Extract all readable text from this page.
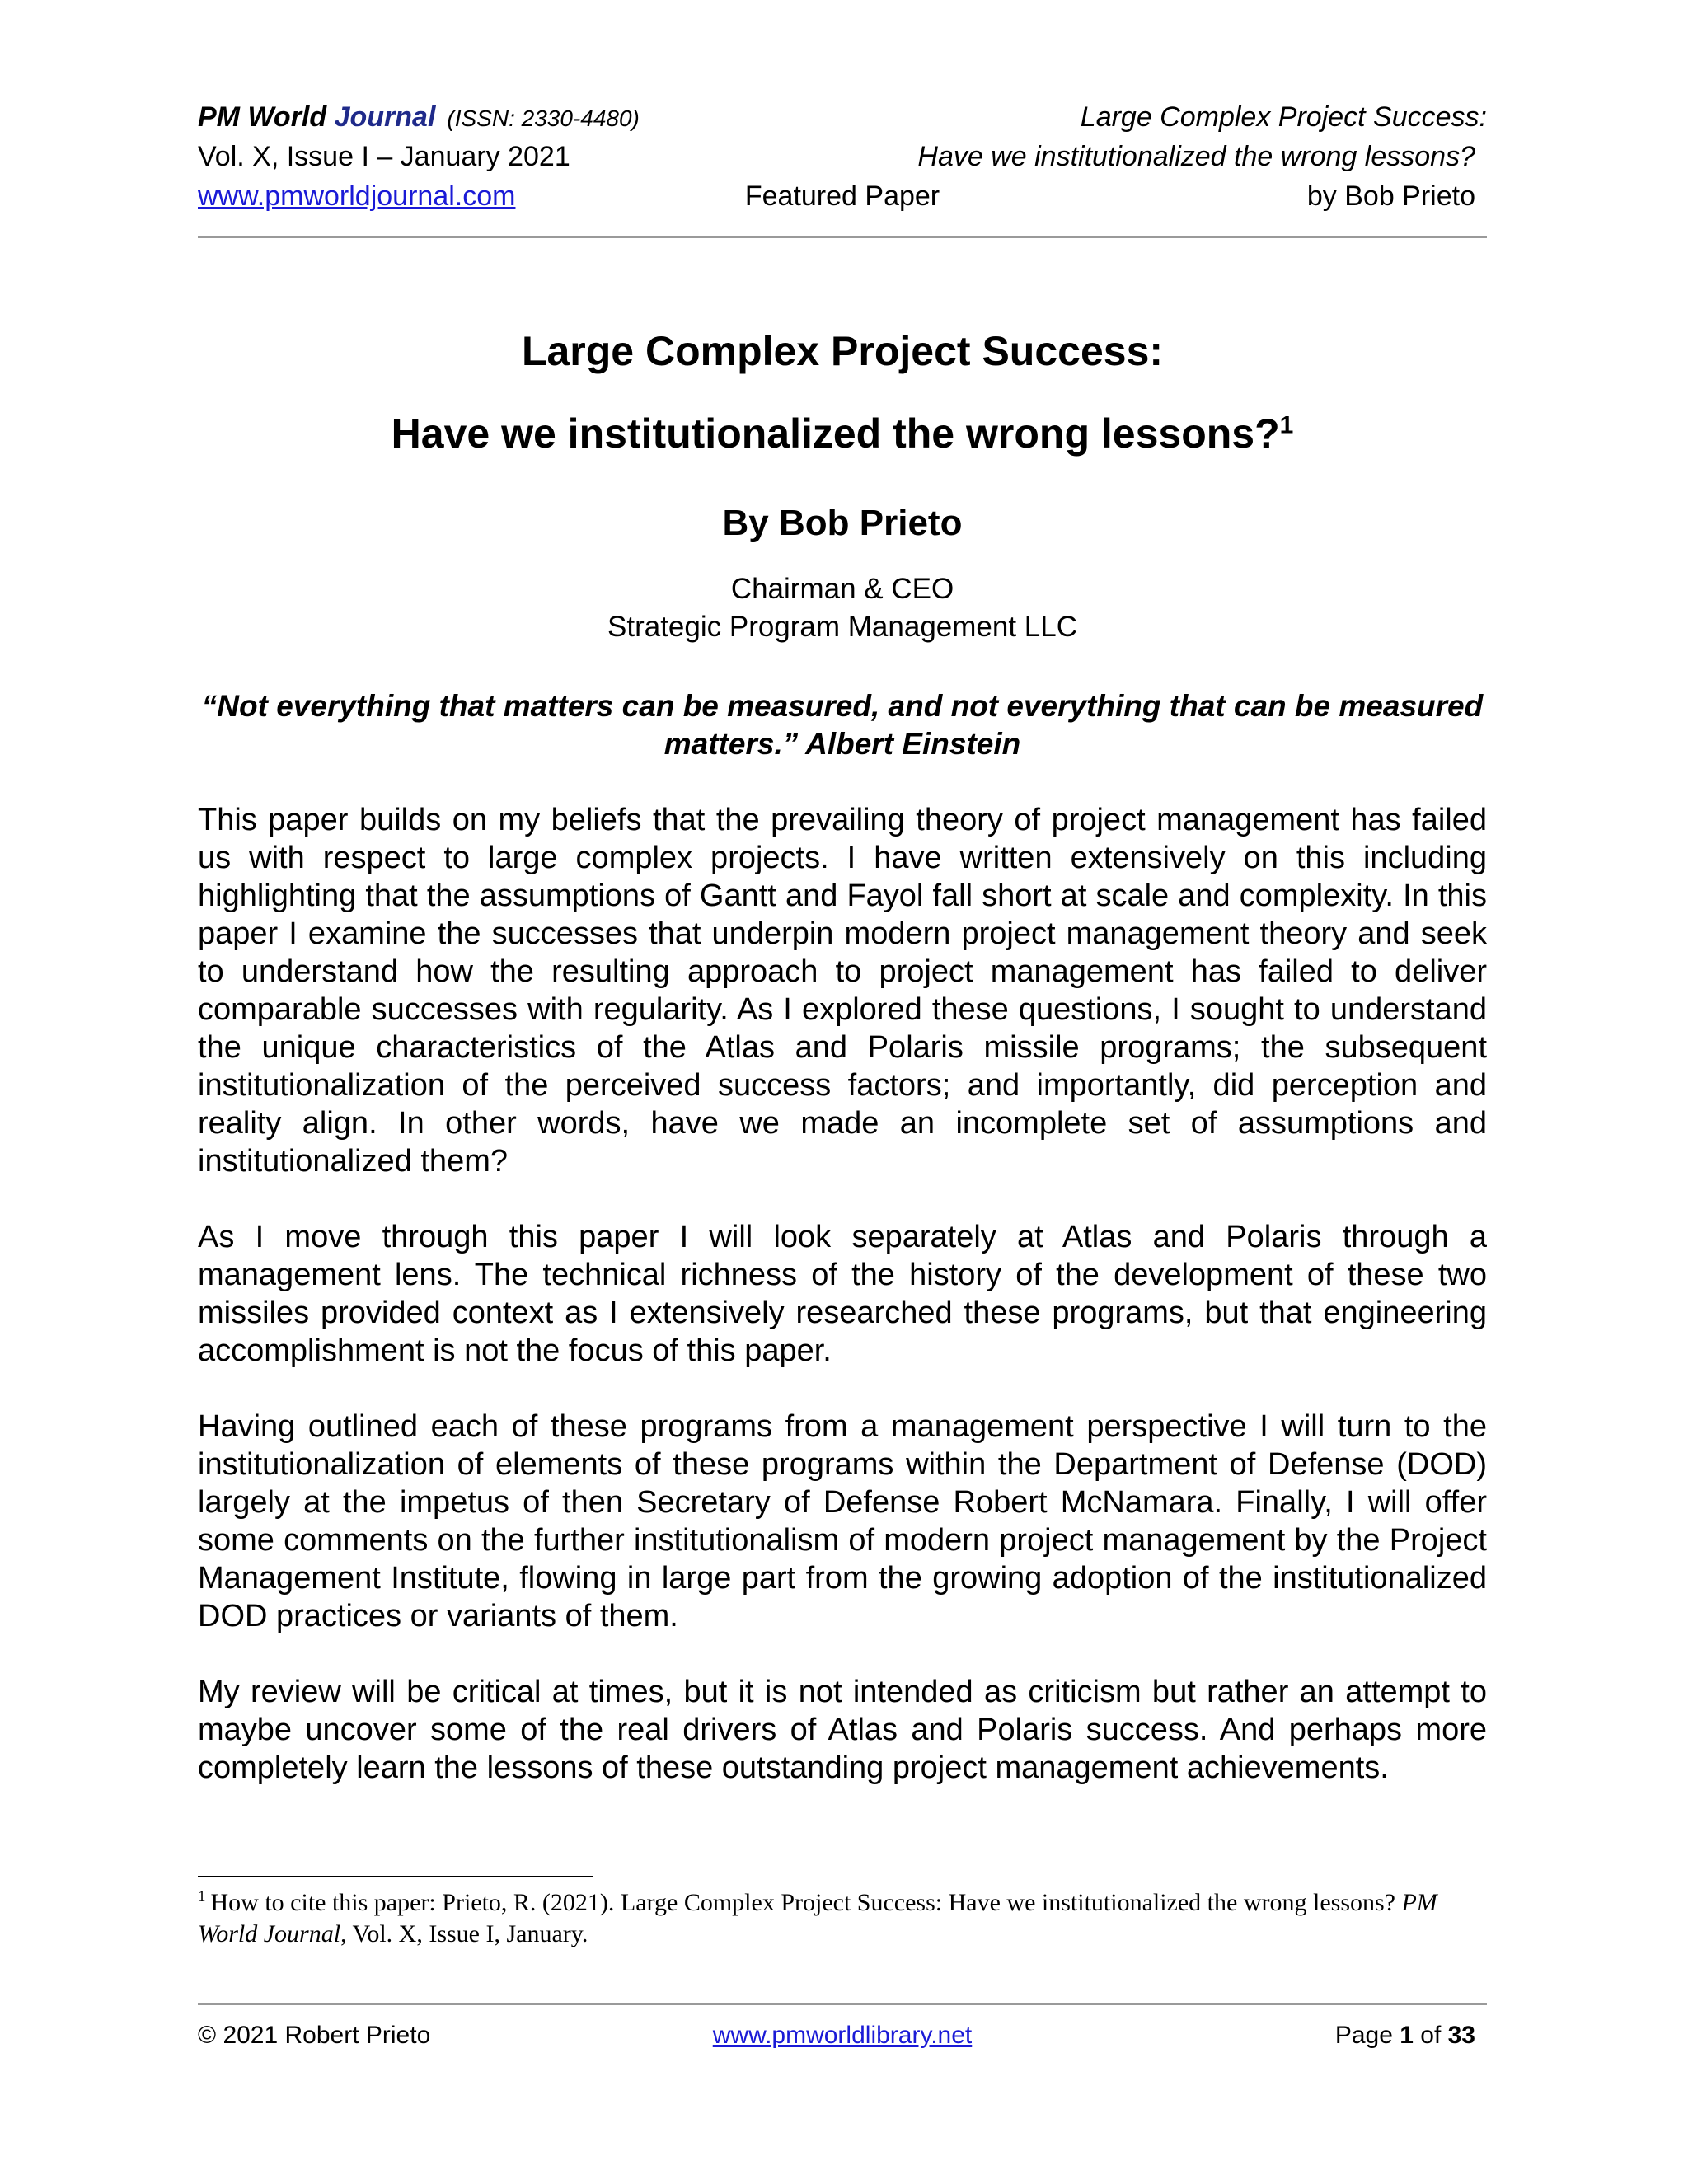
PM World Journal (ISSN: 2330-4480)	Large Complex Project Success:
Vol. X, Issue I – January 2021	Have we institutionalized the wrong lessons?
www.pmworldjournal.com	Featured Paper	by Bob Prieto
Large Complex Project Success:
Have we institutionalized the wrong lessons?$^1$
By Bob Prieto
Chairman & CEO
Strategic Program Management LLC
“Not everything that matters can be measured, and not everything that can be measured matters.” Albert Einstein

This paper builds on my beliefs that the prevailing theory of project management has failed us with respect to large complex projects. I have written extensively on this including highlighting that the assumptions of Gantt and Fayol fall short at scale and complexity. In this paper I examine the successes that underpin modern project management theory and seek to understand how the resulting approach to project management has failed to deliver comparable successes with regularity. As I explored these questions, I sought to understand the unique characteristics of the Atlas and Polaris missile programs; the subsequent institutionalization of the perceived success factors; and importantly, did perception and reality align. In other words, have we made an incomplete set of assumptions and institutionalized them?

As I move through this paper I will look separately at Atlas and Polaris through a management lens. The technical richness of the history of the development of these two missiles provided context as I extensively researched these programs, but that engineering accomplishment is not the focus of this paper.

Having outlined each of these programs from a management perspective I will turn to the institutionalization of elements of these programs within the Department of Defense (DOD) largely at the impetus of then Secretary of Defense Robert McNamara. Finally, I will offer some comments on the further institutionalism of modern project management by the Project Management Institute, flowing in large part from the growing adoption of the institutionalized DOD practices or variants of them.

My review will be critical at times, but it is not intended as criticism but rather an attempt to maybe uncover some of the real drivers of Atlas and Polaris success. And perhaps more completely learn the lessons of these outstanding project management achievements.

$^1$ How to cite this paper: Prieto, R. (2021). Large Complex Project Success: Have we institutionalized the wrong lessons? PM World Journal, Vol. X, Issue I, January.
© 2021 Robert Prieto	www.pmworldlibrary.net	Page 1 of 33
